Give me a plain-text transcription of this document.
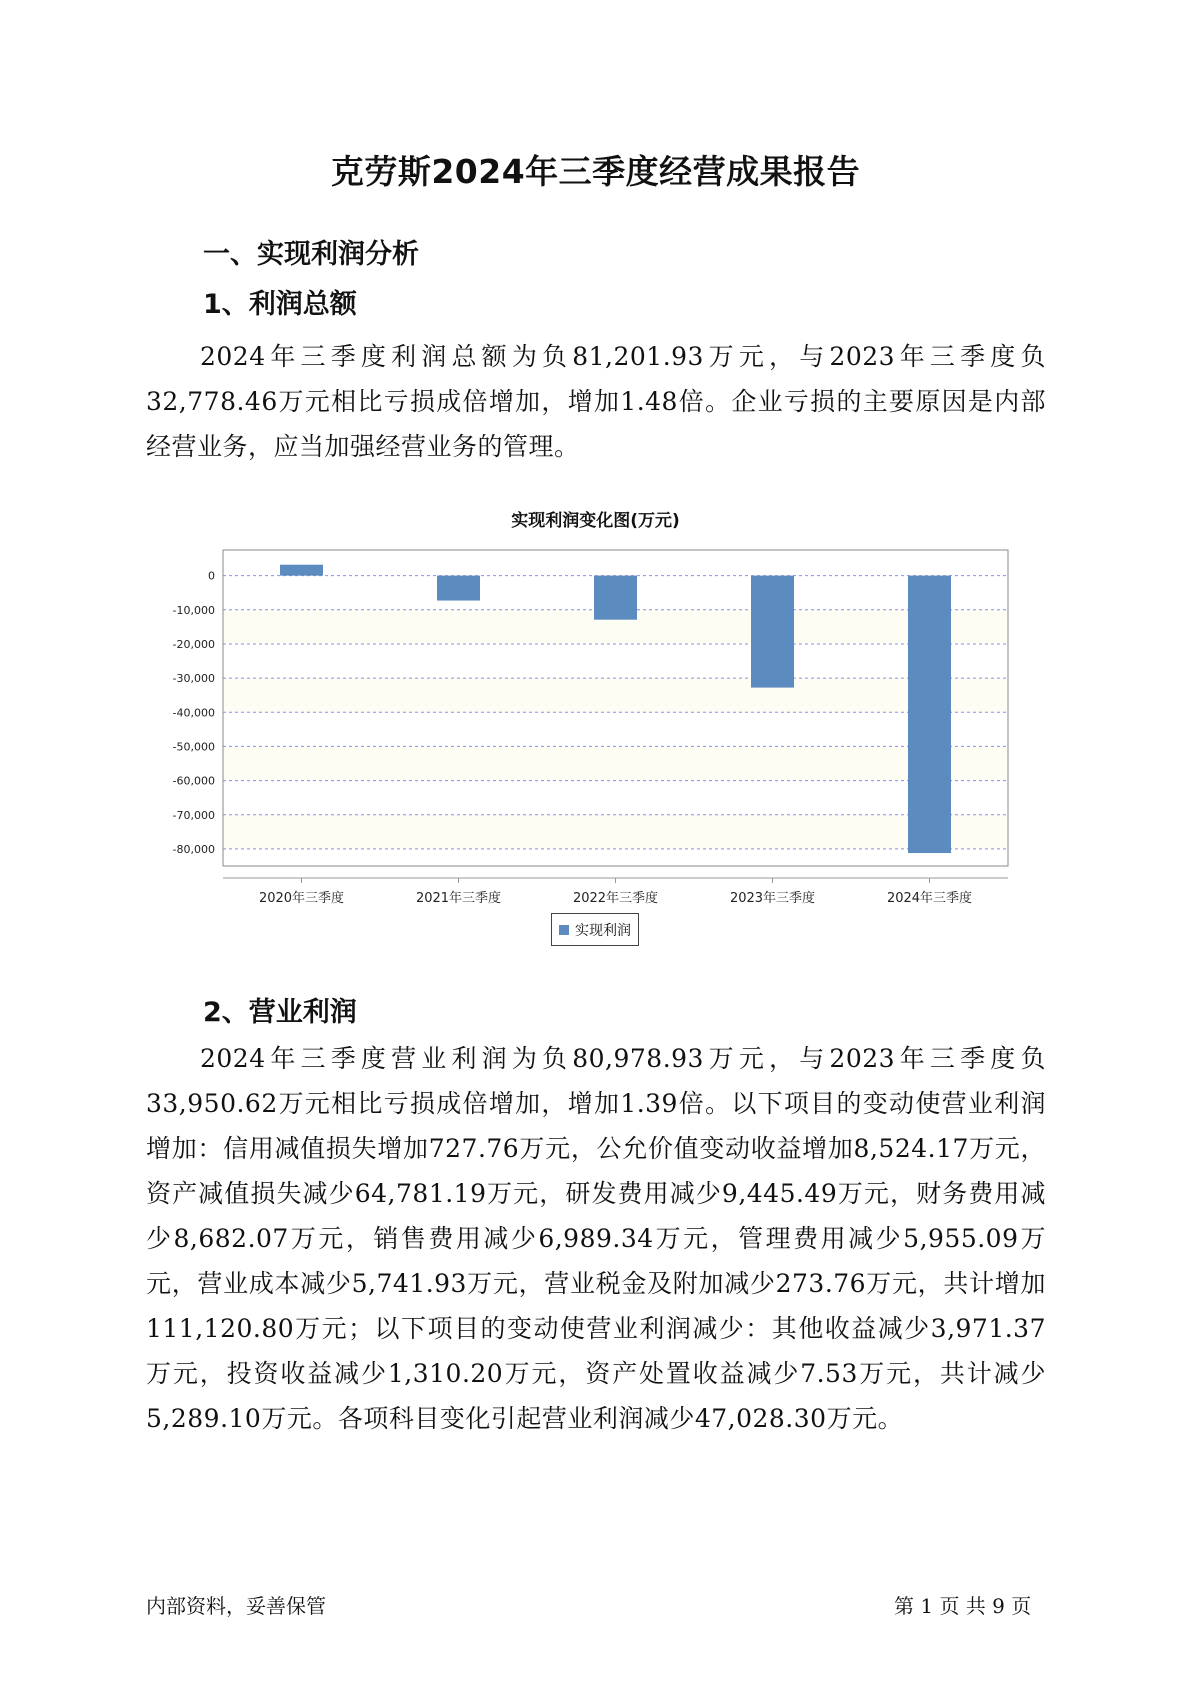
克劳斯2024年三季度经营成果报告
一、实现利润分析
1、利润总额
2024年三季度利润总额为负81,201.93万元，与2023年三季度负32,778.46万元相比亏损成倍增加，增加1.48倍。企业亏损的主要原因是内部经营业务，应当加强经营业务的管理。
实现利润变化图(万元)
0
-10,000
-20,000
-30,000
-40,000
-50,000
-60,000
-70,000
-80,000
2020年三季度	2021年三季度	2022年三季度	2023年三季度	2024年三季度
实现利润
2、营业利润
2024年三季度营业利润为负80,978.93万元，与2023年三季度负33,950.62万元相比亏损成倍增加，增加1.39倍。以下项目的变动使营业利润增加：信用减值损失增加727.76万元，公允价值变动收益增加8,524.17万元，资产减值损失减少64,781.19万元，研发费用减少9,445.49万元，财务费用减少8,682.07万元，销售费用减少6,989.34万元，管理费用减少5,955.09万元，营业成本减少5,741.93万元，营业税金及附加减少273.76万元，共计增加111,120.80万元；以下项目的变动使营业利润减少：其他收益减少3,971.37万元，投资收益减少1,310.20万元，资产处置收益减少7.53万元，共计减少5,289.10万元。各项科目变化引起营业利润减少47,028.30万元。
内部资料，妥善保管	第 1 页 共 9 页
